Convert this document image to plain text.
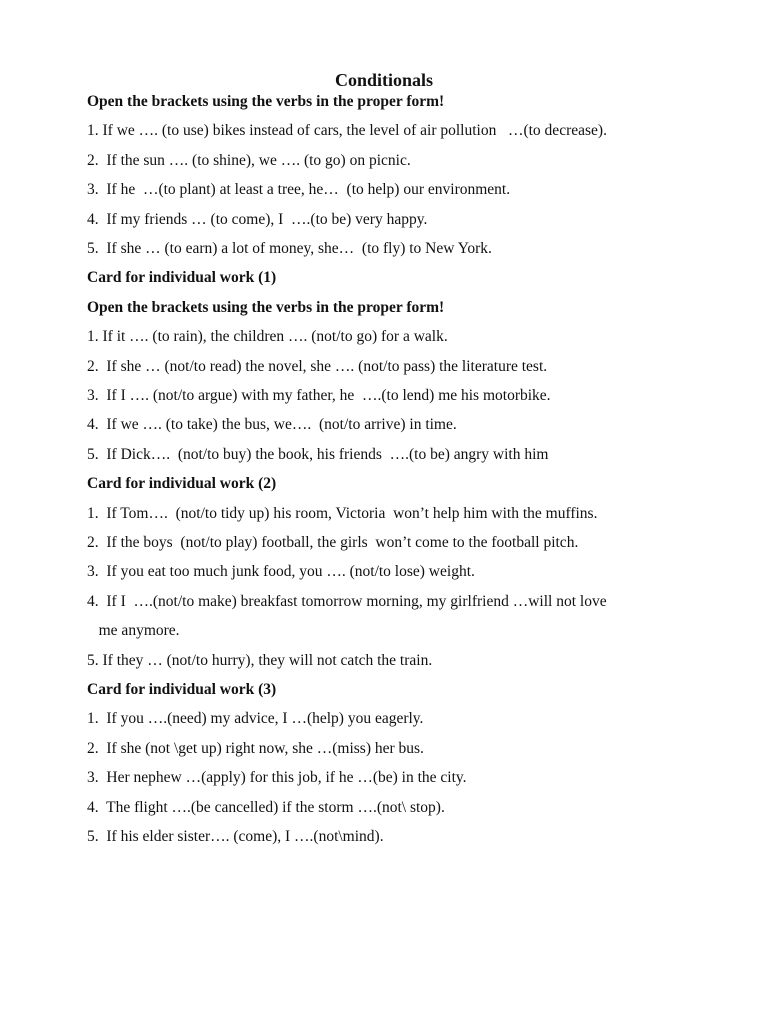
Conditionals
Open the brackets using the verbs in the proper form!
1. If we …. (to use) bikes instead of cars, the level of air pollution   …(to decrease).
2.  If the sun …. (to shine), we …. (to go) on picnic.
3.  If he  …(to plant) at least a tree, he…  (to help) our environment.
4.  If my friends … (to come), I  ….(to be) very happy.
5.  If she … (to earn) a lot of money, she…  (to fly) to New York.
Card for individual work (1)
Open the brackets using the verbs in the proper form!
1. If it …. (to rain), the children …. (not/to go) for a walk.
2.  If she … (not/to read) the novel, she …. (not/to pass) the literature test.
3.  If I …. (not/to argue) with my father, he  ….(to lend) me his motorbike.
4.  If we …. (to take) the bus, we….  (not/to arrive) in time.
5.  If Dick….  (not/to buy) the book, his friends  ….(to be) angry with him
Card for individual work (2)
1.  If Tom….  (not/to tidy up) his room, Victoria  won’t help him with the muffins.
2.  If the boys  (not/to play) football, the girls  won’t come to the football pitch.
3.  If you eat too much junk food, you …. (not/to lose) weight.
4.  If I  ….(not/to make) breakfast tomorrow morning, my girlfriend …will not love
me anymore.
5. If they … (not/to hurry), they will not catch the train.
Card for individual work (3)
1.  If you ….(need) my advice, I …(help) you eagerly.
2.  If she (not \get up) right now, she …(miss) her bus.
3.  Her nephew …(apply) for this job, if he …(be) in the city.
4.  The flight ….(be cancelled) if the storm ….(not\ stop).
5.  If his elder sister…. (come), I ….(not\mind).
